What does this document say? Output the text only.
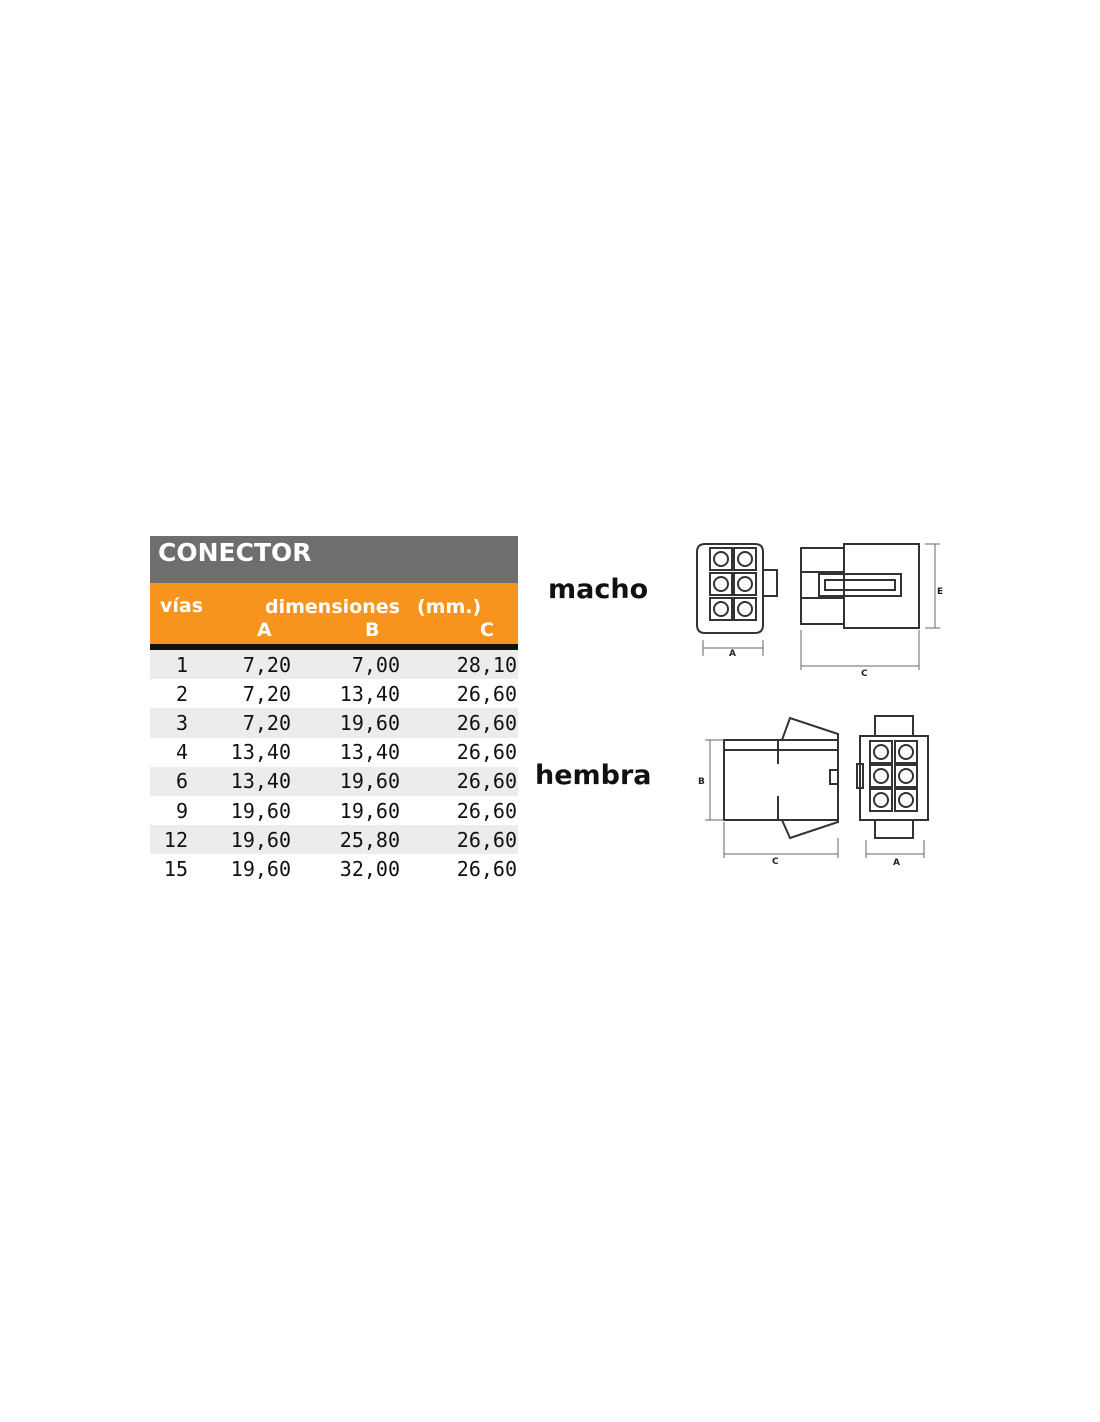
CONECTOR
vías	dimensiones (mm.)
A	B	C
1	7,20	7,00	28,10
2	7,20	13,40	26,60
3	7,20	19,60	26,60
4	13,40	13,40	26,60
6	13,40	19,60	26,60
9	19,60	19,60	26,60
12	19,60	25,80	26,60
15	19,60	32,00	26,60
macho
hembra
A
C
E
B
C	A
